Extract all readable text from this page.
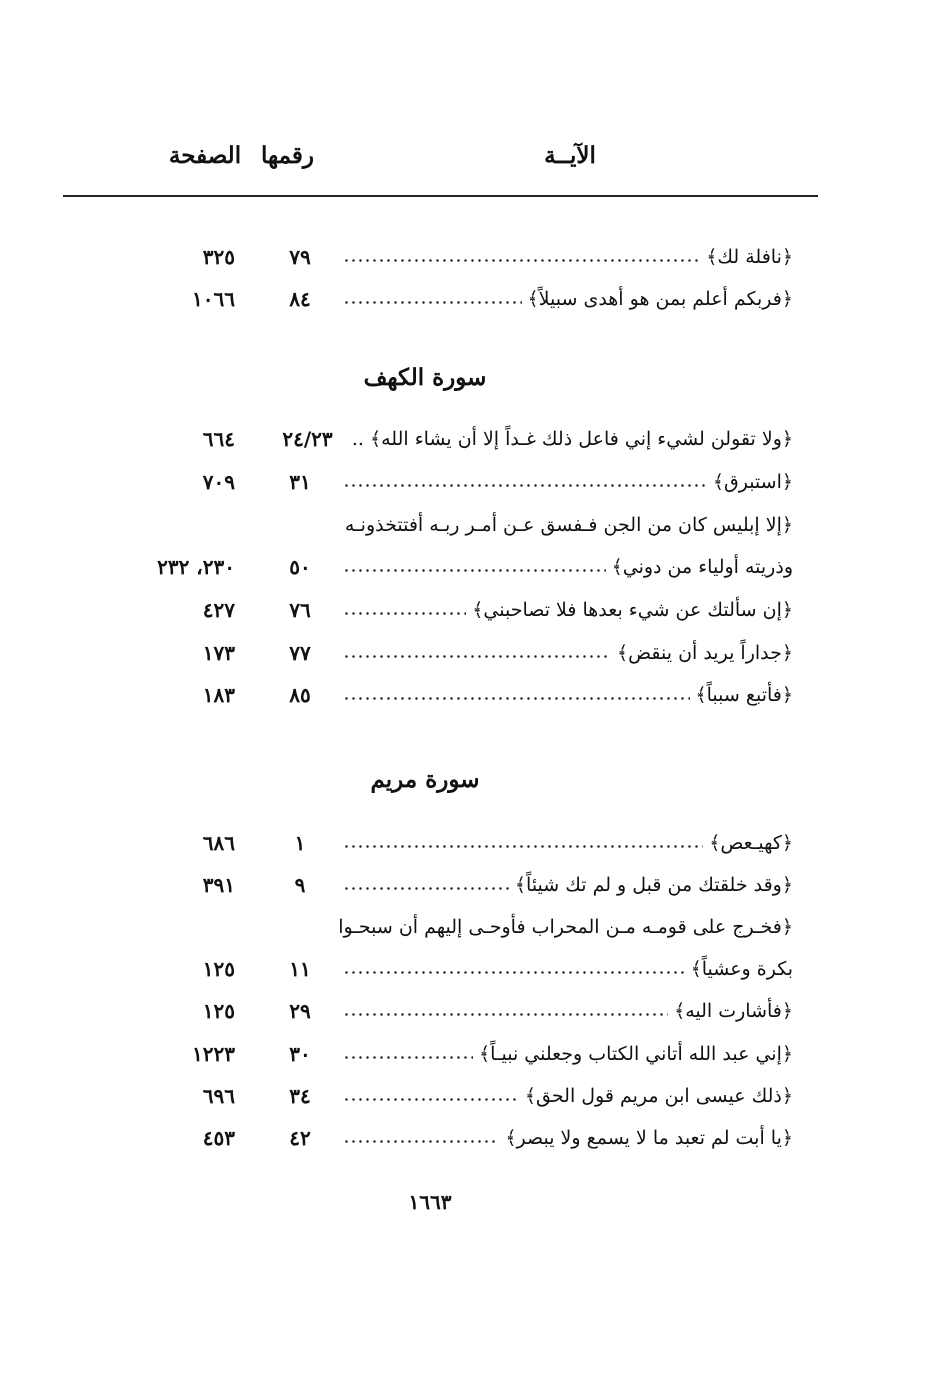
الآيــة
رقمها
الصفحة
﴿نافلة لك﴾
٧٩
٣٢٥
﴿فربكم أعلم بمن هو أهدى سبيلاً﴾
٨٤
١٠٦٦
سورة الكهف
﴿ولا تقولن لشيء إني فاعل ذلك غـداً إلا أن يشاء الله﴾ ..
٢٤/٢٣
٦٦٤
﴿استبرق﴾
٣١
٧٠٩
﴿إلا إبليس كان من الجن فـفسق عـن أمـر ربـه أفتتخذونـه
وذريته أولياء من دوني﴾
٥٠
٢٣٠، ٢٣٢
﴿إن سألتك عن شيء بعدها فلا تصاحبني﴾
٧٦
٤٢٧
﴿جداراً يريد أن ينقض﴾
٧٧
١٧٣
﴿فأتبع سبباً﴾
٨٥
١٨٣
سورة مريم
﴿كهيـعص﴾
١
٦٨٦
﴿وقد خلقتك من قبل و لم تك شيئاً﴾
٩
٣٩١
﴿فخـرج على قومـه مـن المحراب فأوحـى إليهم أن سبحـوا
بكرة وعشياً﴾
١١
١٢٥
﴿فأشارت اليه﴾
٢٩
١٢٥
﴿إني عبد الله أتاني الكتاب وجعلني نبيـاً﴾
٣٠
١٢٢٣
﴿ذلك عيسى ابن مريم قول الحق﴾
٣٤
٦٩٦
﴿يا أبت لم تعبد ما لا يسمع ولا يبصر﴾
٤٢
٤٥٣
١٦٦٣
